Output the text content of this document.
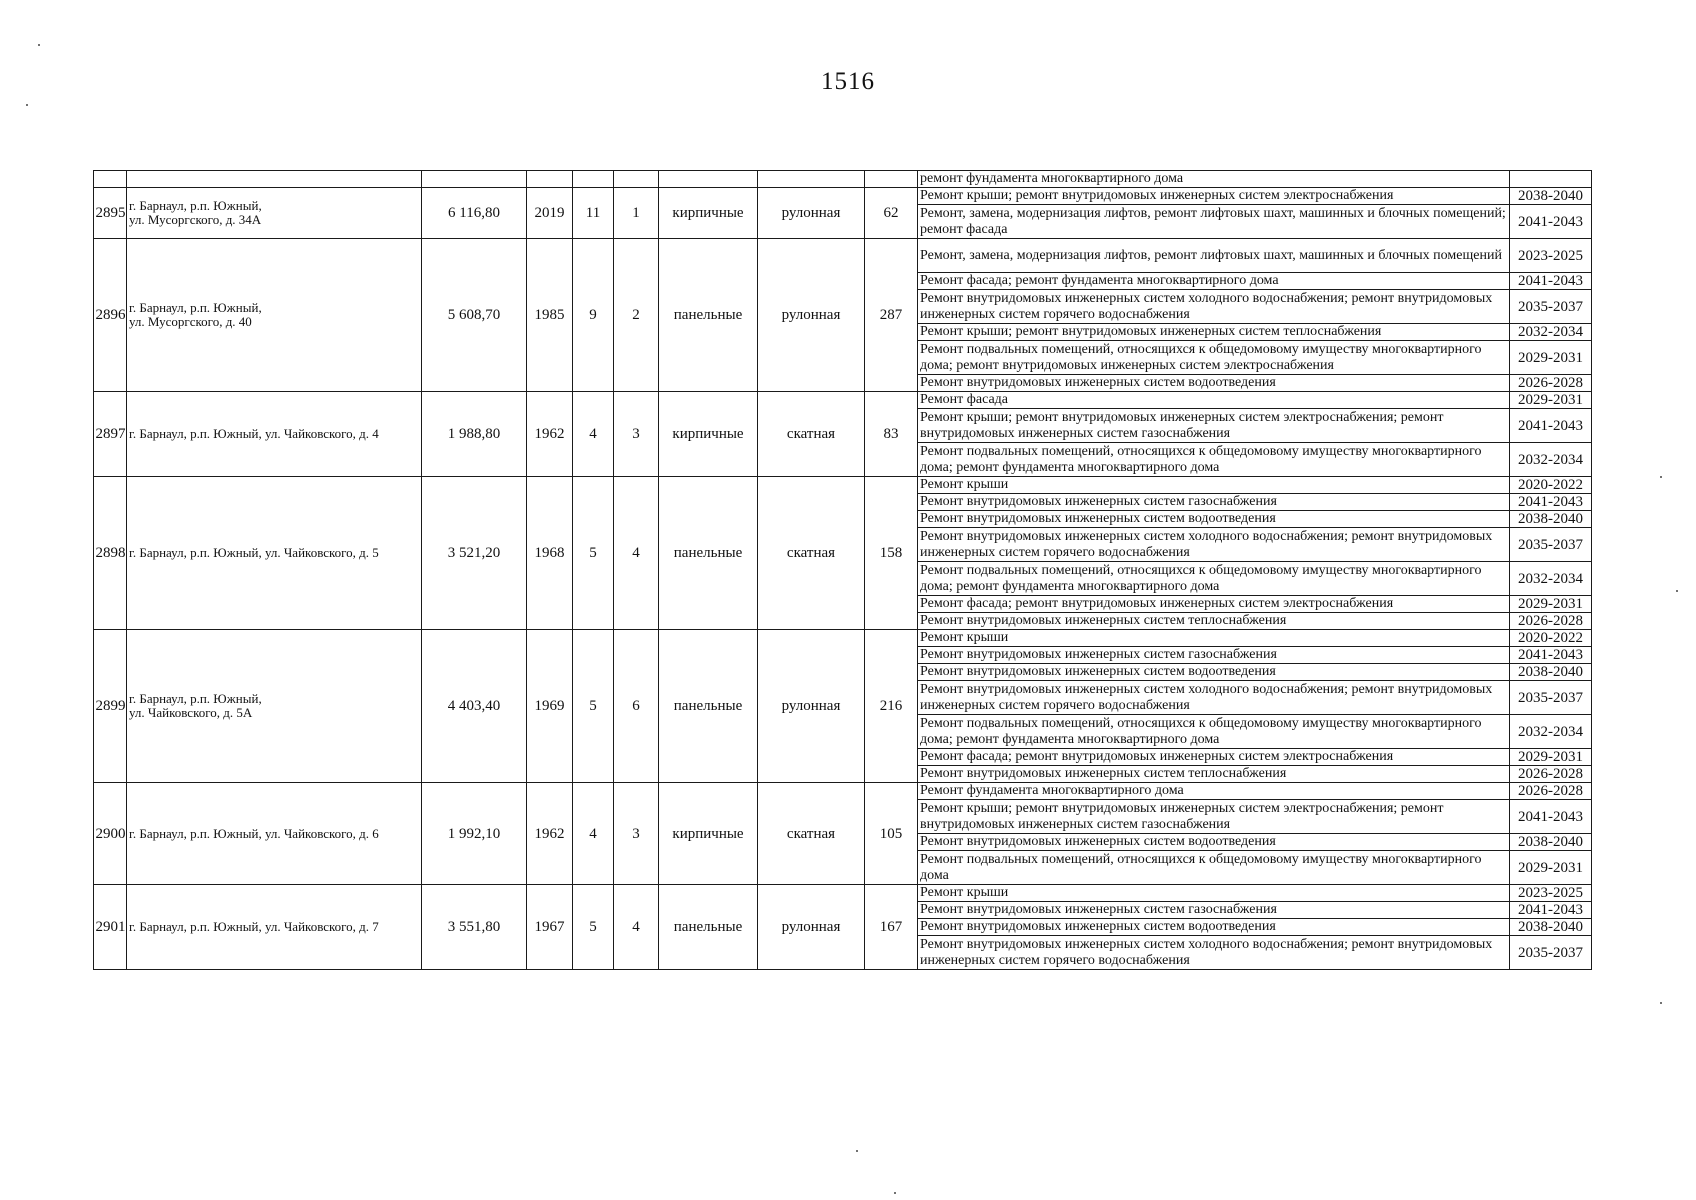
1516
									ремонт фундамента многоквартирного дома	
2895	г. Барнаул, р.п. Южный,
ул. Мусоргского, д. 34А	6 116,80	2019	11	1	кирпичные	рулонная	62	Ремонт крыши; ремонт внутридомовых инженерных систем электроснабжения	2038-2040
									Ремонт, замена, модернизация лифтов, ремонт лифтовых шахт, машинных и блочных помещений; ремонт фасада	2041-2043
2896	г. Барнаул, р.п. Южный,
ул. Мусоргского, д. 40	5 608,70	1985	9	2	панельные	рулонная	287	Ремонт, замена, модернизация лифтов, ремонт лифтовых шахт, машинных и блочных помещений	2023-2025
									Ремонт фасада; ремонт фундамента многоквартирного дома	2041-2043
									Ремонт внутридомовых инженерных систем холодного водоснабжения; ремонт внутридомовых инженерных систем горячего водоснабжения	2035-2037
									Ремонт крыши; ремонт внутридомовых инженерных систем теплоснабжения	2032-2034
									Ремонт подвальных помещений, относящихся к общедомовому имуществу многоквартирного дома; ремонт внутридомовых инженерных систем электроснабжения	2029-2031
									Ремонт внутридомовых инженерных систем водоотведения	2026-2028
2897	г. Барнаул, р.п. Южный, ул. Чайковского, д. 4	1 988,80	1962	4	3	кирпичные	скатная	83	Ремонт фасада	2029-2031
									Ремонт крыши; ремонт внутридомовых инженерных систем электроснабжения; ремонт внутридомовых инженерных систем газоснабжения	2041-2043
									Ремонт подвальных помещений, относящихся к общедомовому имуществу многоквартирного дома; ремонт фундамента многоквартирного дома	2032-2034
2898	г. Барнаул, р.п. Южный, ул. Чайковского, д. 5	3 521,20	1968	5	4	панельные	скатная	158	Ремонт крыши	2020-2022
									Ремонт внутридомовых инженерных систем газоснабжения	2041-2043
									Ремонт внутридомовых инженерных систем водоотведения	2038-2040
									Ремонт внутридомовых инженерных систем холодного водоснабжения; ремонт внутридомовых инженерных систем горячего водоснабжения	2035-2037
									Ремонт подвальных помещений, относящихся к общедомовому имуществу многоквартирного дома; ремонт фундамента многоквартирного дома	2032-2034
									Ремонт фасада; ремонт внутридомовых инженерных систем электроснабжения	2029-2031
									Ремонт внутридомовых инженерных систем теплоснабжения	2026-2028
2899	г. Барнаул, р.п. Южный,
ул. Чайковского, д. 5А	4 403,40	1969	5	6	панельные	рулонная	216	Ремонт крыши	2020-2022
									Ремонт внутридомовых инженерных систем газоснабжения	2041-2043
									Ремонт внутридомовых инженерных систем водоотведения	2038-2040
									Ремонт внутридомовых инженерных систем холодного водоснабжения; ремонт внутридомовых инженерных систем горячего водоснабжения	2035-2037
									Ремонт подвальных помещений, относящихся к общедомовому имуществу многоквартирного дома; ремонт фундамента многоквартирного дома	2032-2034
									Ремонт фасада; ремонт внутридомовых инженерных систем электроснабжения	2029-2031
									Ремонт внутридомовых инженерных систем теплоснабжения	2026-2028
2900	г. Барнаул, р.п. Южный, ул. Чайковского, д. 6	1 992,10	1962	4	3	кирпичные	скатная	105	Ремонт фундамента многоквартирного дома	2026-2028
									Ремонт крыши; ремонт внутридомовых инженерных систем электроснабжения; ремонт внутридомовых инженерных систем газоснабжения	2041-2043
									Ремонт внутридомовых инженерных систем водоотведения	2038-2040
									Ремонт подвальных помещений, относящихся к общедомовому имуществу многоквартирного дома	2029-2031
2901	г. Барнаул, р.п. Южный, ул. Чайковского, д. 7	3 551,80	1967	5	4	панельные	рулонная	167	Ремонт крыши	2023-2025
									Ремонт внутридомовых инженерных систем газоснабжения	2041-2043
									Ремонт внутридомовых инженерных систем водоотведения	2038-2040
									Ремонт внутридомовых инженерных систем холодного водоснабжения; ремонт внутридомовых инженерных систем горячего водоснабжения	2035-2037
